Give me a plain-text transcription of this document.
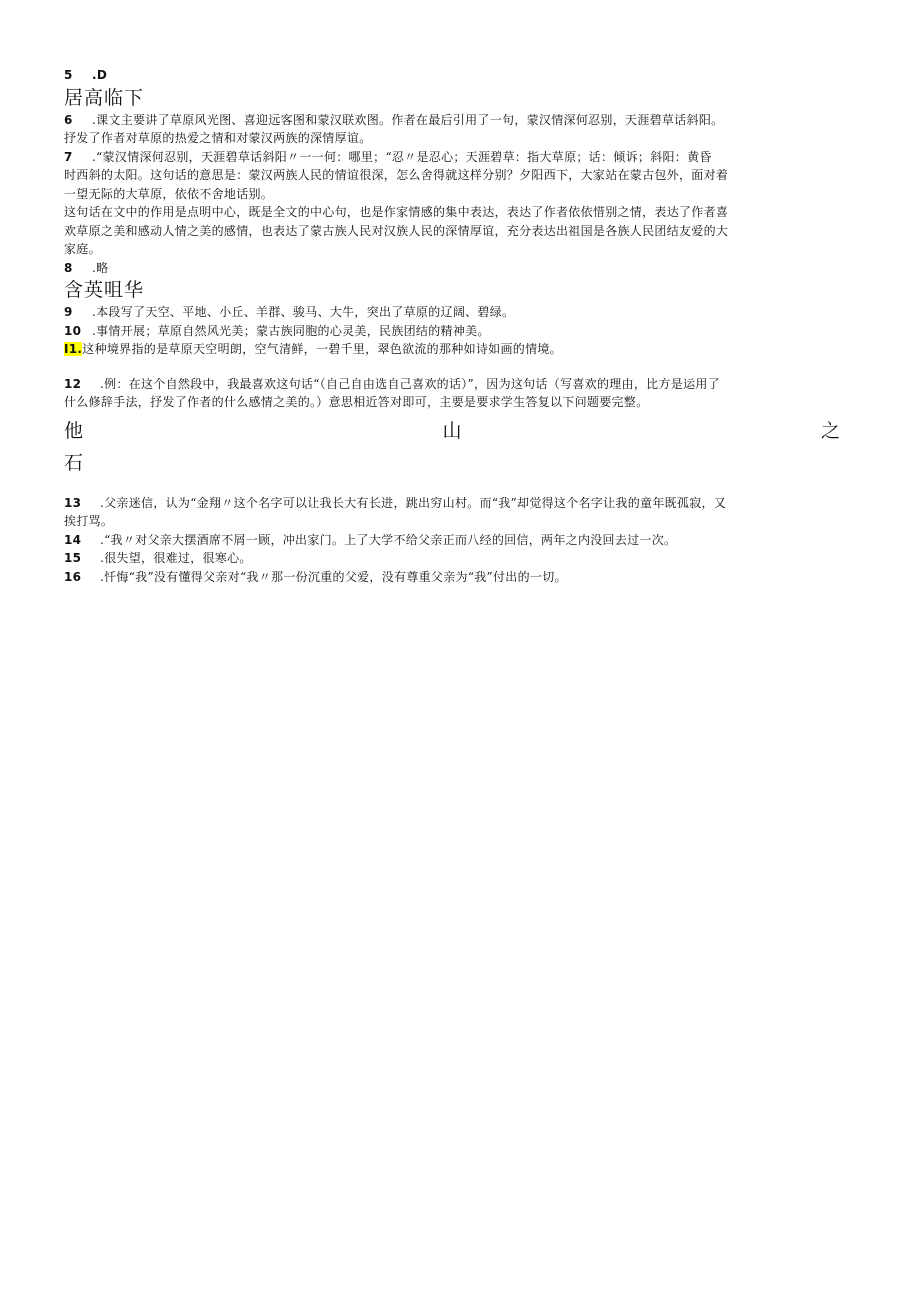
5 .D
居高临下
6 .课文主要讲了草原风光图、喜迎远客图和蒙汉联欢图。作者在最后引用了一句，蒙汉情深何忍别，天涯碧草话斜阳。
抒发了作者对草原的热爱之情和对蒙汉两族的深情厚谊。
7 .“蒙汉情深何忍别，天涯碧草话斜阳〃一一何：哪里；“忍〃是忍心；天涯碧草：指大草原；话：倾诉；斜阳：黄昏
时西斜的太阳。这句话的意思是：蒙汉两族人民的情谊很深，怎么舍得就这样分别？夕阳西下，大家站在蒙古包外，面对着
一望无际的大草原，依依不舍地话别。
这句话在文中的作用是点明中心，既是全文的中心句，也是作家情感的集中表达，表达了作者依依惜别之情，表达了作者喜
欢草原之美和感动人情之美的感情，也表达了蒙古族人民对汉族人民的深情厚谊，充分表达出祖国是各族人民团结友爱的大
家庭。
8 .略
含英咀华
9 .本段写了天空、平地、小丘、羊群、骏马、大牛，突出了草原的辽阔、碧绿。
10 .事情开展；草原自然风光美；蒙古族同胞的心灵美，民族团结的精神美。
I1.这种境界指的是草原天空明朗，空气清鲜，一碧千里，翠色欲流的那种如诗如画的情境。
12 .例：在这个自然段中，我最喜欢这句话“（自己自由选自己喜欢的话）”，因为这句话（写喜欢的理由，比方是运用了
什么修辞手法，抒发了作者的什么感情之美的。）意思相近答对即可，主要是要求学生答复以下问题要完整。
他	山	之
石
13 .父亲迷信，认为“金翔〃这个名字可以让我长大有长进，跳出穷山村。而“我”却觉得这个名字让我的童年既孤寂，又
挨打骂。
14 .“我〃对父亲大摆酒席不屑一顾，冲出家门。上了大学不给父亲正而八经的回信，两年之内没回去过一次。
15 .很失望，很难过，很寒心。
16 .忏悔“我”没有懂得父亲对“我〃那一份沉重的父爱，没有尊重父亲为“我”付出的一切。
